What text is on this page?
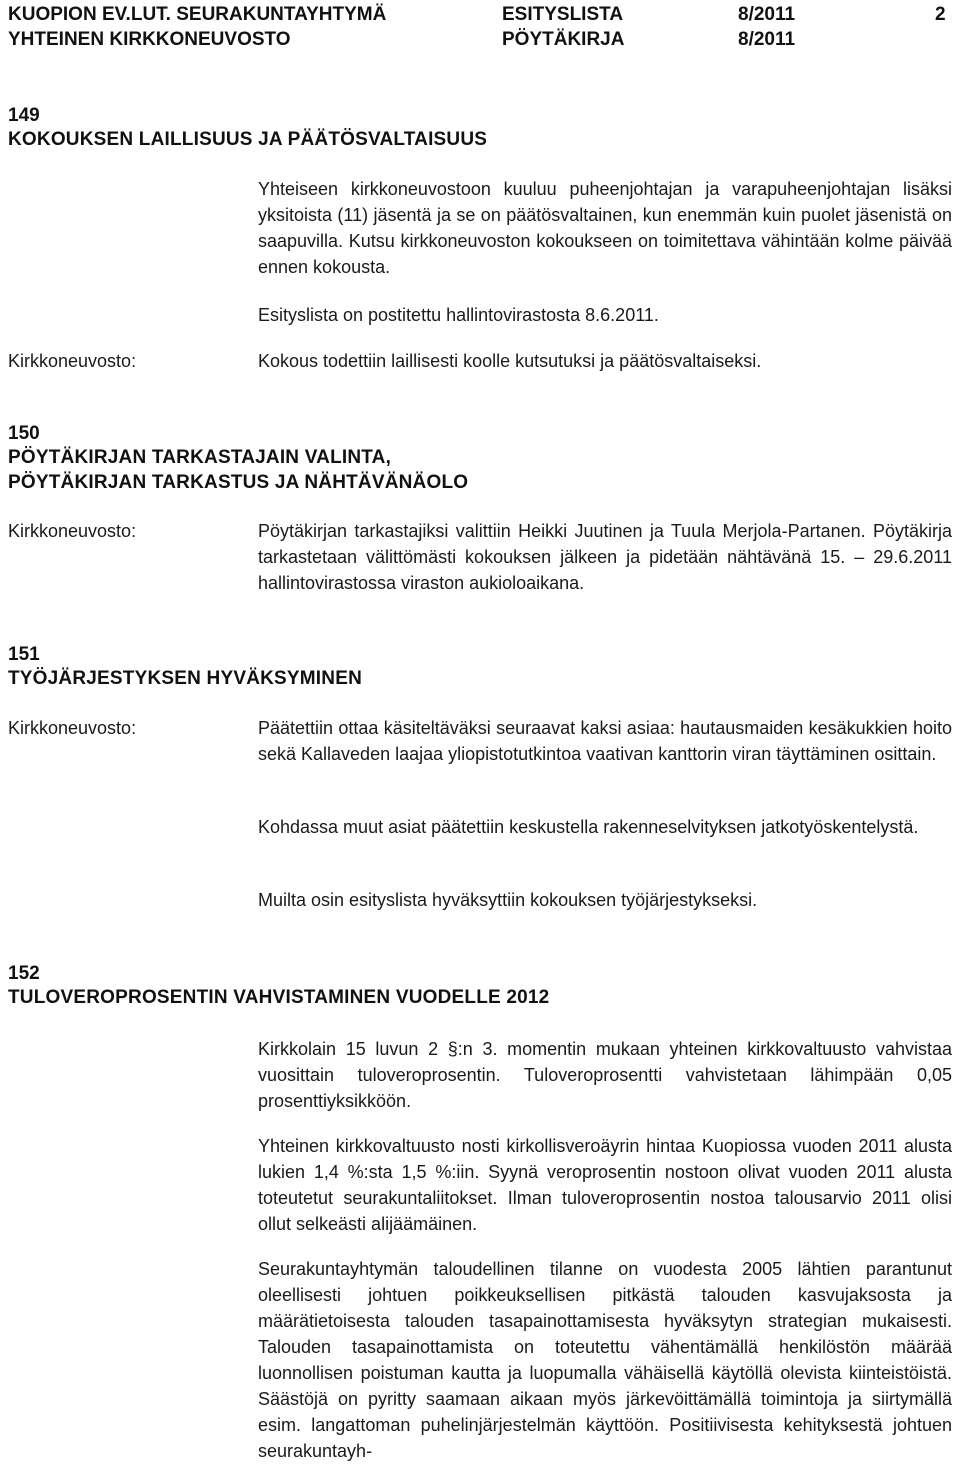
KUOPION EV.LUT. SEURAKUNTAYHTYMÄ
YHTEINEN KIRKKONEUVOSTO
ESITYSLISTA
PÖYTÄKIRJA
8/2011
8/2011
2
149
KOKOUKSEN LAILLISUUS JA PÄÄTÖSVALTAISUUS
Yhteiseen kirkkoneuvostoon kuuluu puheenjohtajan ja varapuheenjohtajan lisäksi yksitoista (11) jäsentä ja se on päätösvaltainen, kun enemmän kuin puolet jäsenistä on saapuvilla. Kutsu kirkkoneuvoston kokoukseen on toimitettava vähintään kolme päivää ennen kokousta.
Esityslista on postitettu hallintovirastosta 8.6.2011.
Kirkkoneuvosto:	Kokous todettiin laillisesti koolle kutsutuksi ja päätösvaltaiseksi.
150
PÖYTÄKIRJAN TARKASTAJAIN VALINTA,
PÖYTÄKIRJAN TARKASTUS JA NÄHTÄVÄNÄOLO
Kirkkoneuvosto:	Pöytäkirjan tarkastajiksi valittiin Heikki Juutinen ja Tuula Merjola-Partanen. Pöytäkirja tarkastetaan välittömästi kokouksen jälkeen ja pidetään nähtävänä 15. – 29.6.2011 hallintovirastossa viraston aukioloaikana.
151
TYÖJÄRJESTYKSEN HYVÄKSYMINEN
Kirkkoneuvosto:	Päätettiin ottaa käsiteltäväksi seuraavat kaksi asiaa: hautausmaiden kesäkukkien hoito sekä Kallaveden laajaa yliopistotutkintoa vaativan kanttorin viran täyttäminen osittain.
Kohdassa muut asiat päätettiin keskustella rakenneselvityksen jatkotyöskentelystä.
Muilta osin esityslista hyväksyttiin kokouksen työjärjestykseksi.
152
TULOVEROPROSENTIN VAHVISTAMINEN VUODELLE 2012
Kirkkolain 15 luvun 2 §:n 3. momentin mukaan yhteinen kirkkovaltuusto vahvistaa vuosittain tuloveroprosentin. Tuloveroprosentti vahvistetaan lähimpään 0,05 prosenttiyksikköön.
Yhteinen kirkkovaltuusto nosti kirkollisveroäyrin hintaa Kuopiossa vuoden 2011 alusta lukien 1,4 %:sta 1,5 %:iin. Syynä veroprosentin nostoon olivat vuoden 2011 alusta toteutetut seurakuntaliitokset. Ilman tuloveroprosentin nostoa talousarvio 2011 olisi ollut selkeästi alijäämäinen.
Seurakuntayhtymän taloudellinen tilanne on vuodesta 2005 lähtien parantunut oleellisesti johtuen poikkeuksellisen pitkästä talouden kasvujaksosta ja määrätietoisesta talouden tasapainottamisesta hyväksytyn strategian mukaisesti. Talouden tasapainottamista on toteutettu vähentämällä henkilöstön määrää luonnollisen poistuman kautta ja luopumalla vähäisellä käytöllä olevista kiinteistöistä. Säästöjä on pyritty saamaan aikaan myös järkevöittämällä toimintoja ja siirtymällä esim. langattoman puhelinjärjestelmän käyttöön. Positiivisesta kehityksestä johtuen seurakuntayh-
